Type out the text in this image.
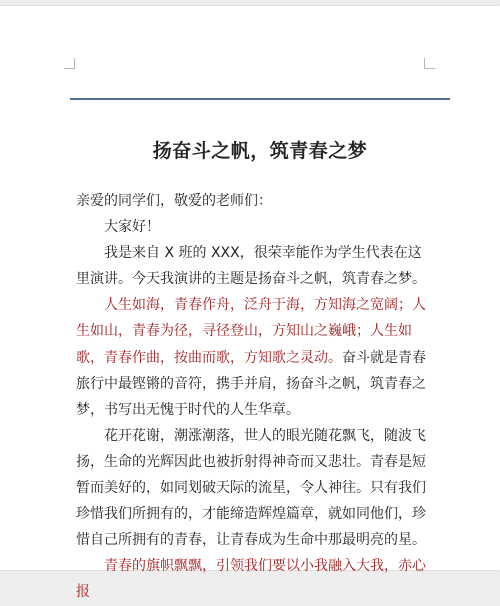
扬奋斗之帆，筑青春之梦

亲爱的同学们，敬爱的老师们：

大家好！

我是来自 X 班的 XXX，很荣幸能作为学生代表在这里演讲。今天我演讲的主题是扬奋斗之帆，筑青春之梦。

人生如海，青春作舟，泛舟于海，方知海之宽阔；人生如山，青春为径，寻径登山，方知山之巍峨；人生如歌，青春作曲，按曲而歌，方知歌之灵动。奋斗就是青春旅行中最铿锵的音符，携手并肩，扬奋斗之帆，筑青春之梦，书写出无愧于时代的人生华章。

花开花谢，潮涨潮落，世人的眼光随花飘飞，随波飞扬，生命的光辉因此也被折射得神奇而又悲壮。青春是短暂而美好的，如同划破天际的流星，令人神往。只有我们珍惜我们所拥有的，才能缔造辉煌篇章，就如同他们，珍惜自己所拥有的青春，让青春成为生命中那最明亮的星。

青春的旗帜飘飘，引领我们要以小我融入大我，赤心报
